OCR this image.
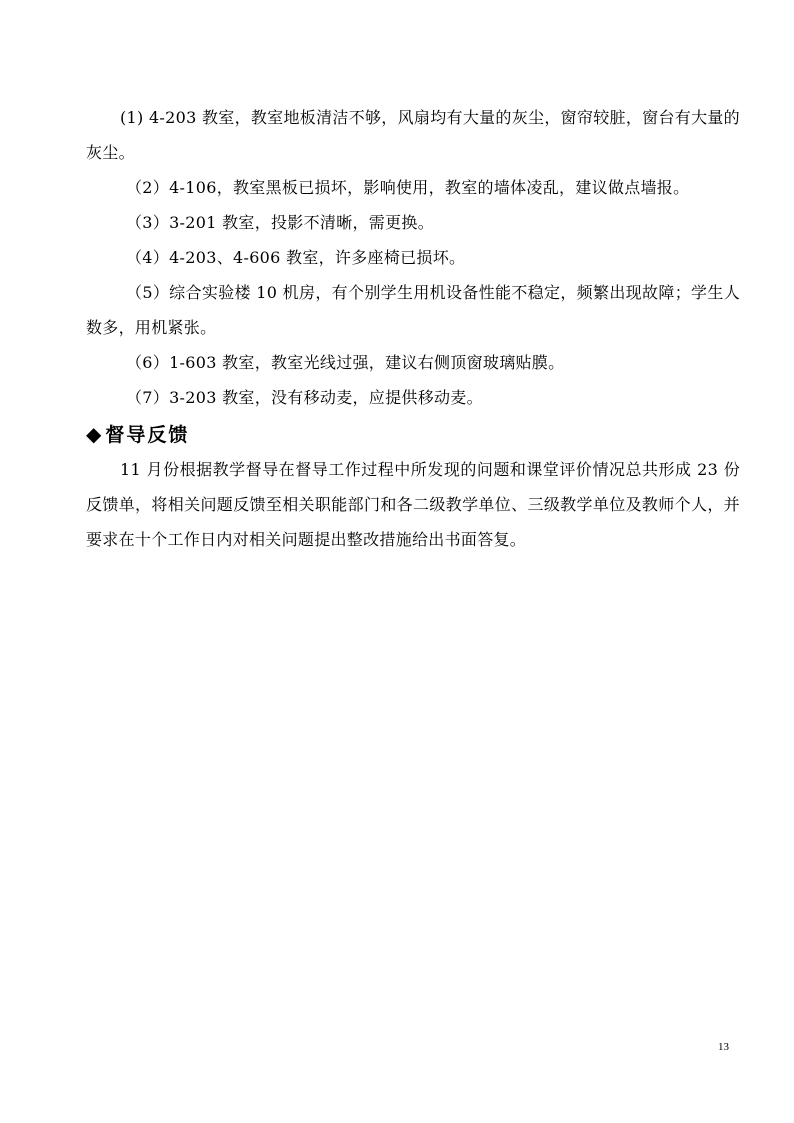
(1) 4-203 教室，教室地板清洁不够，风扇均有大量的灰尘，窗帘较脏，窗台有大量的灰尘。

（2）4-106，教室黑板已损坏，影响使用，教室的墙体凌乱，建议做点墙报。

（3）3-201 教室，投影不清晰，需更换。

（4）4-203、4-606 教室，许多座椅已损坏。

（5）综合实验楼 10 机房，有个别学生用机设备性能不稳定，频繁出现故障；学生人数多，用机紧张。

（6）1-603 教室，教室光线过强，建议右侧顶窗玻璃贴膜。

（7）3-203 教室，没有移动麦，应提供移动麦。

◆ 督导反馈

11 月份根据教学督导在督导工作过程中所发现的问题和课堂评价情况总共形成 23 份反馈单，将相关问题反馈至相关职能部门和各二级教学单位、三级教学单位及教师个人，并要求在十个工作日内对相关问题提出整改措施给出书面答复。

13
